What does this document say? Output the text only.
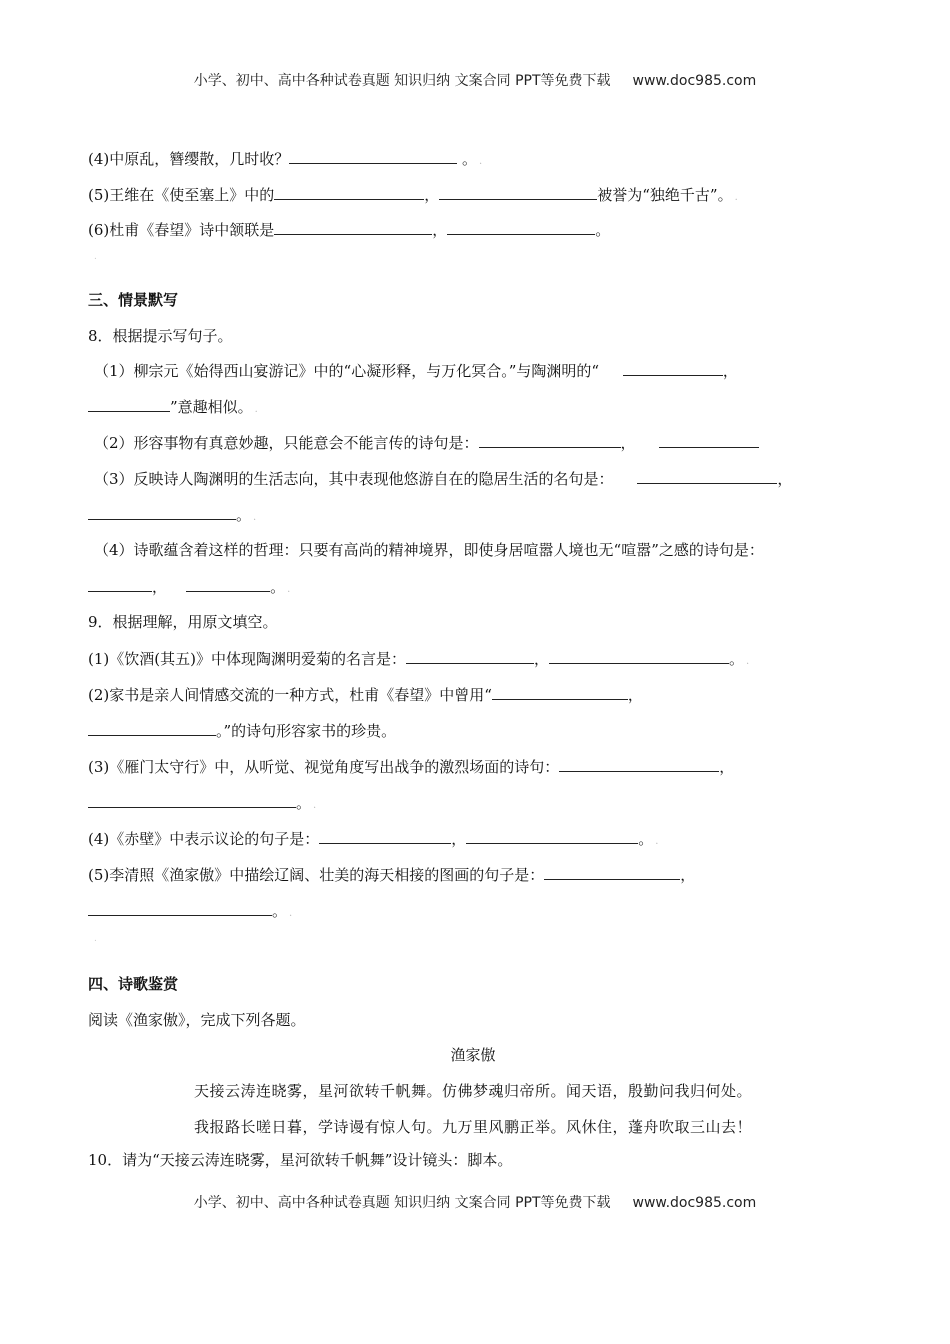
小学、初中、高中各种试卷真题 知识归纳 文案合同 PPT等免费下载 www.doc985.com
(4)中原乱，簪缨散，几时收？	。 .
(5)王维在《使至塞上》中的	，	被誉为“独绝千古”。 .
(6)杜甫《春望》诗中颔联是	，	。
.
三、情景默写
8．根据提示写句子。
（1）柳宗元《始得西山宴游记》中的“心凝形释，与万化冥合。”与陶渊明的“	，
”意趣相似。 .
（2）形容事物有真意妙趣，只能意会不能言传的诗句是：	，
（3）反映诗人陶渊明的生活志向，其中表现他悠游自在的隐居生活的名句是：	，
。 .
（4）诗歌蕴含着这样的哲理：只要有高尚的精神境界，即使身居喧嚣人境也无“喧嚣”之感的诗句是：
，	。 .
9．根据理解，用原文填空。
(1)《饮酒(其五)》中体现陶渊明爱菊的名言是：	，	。 .
(2)家书是亲人间情感交流的一种方式，杜甫《春望》中曾用“	，
。”的诗句形容家书的珍贵。
(3)《雁门太守行》中，从听觉、视觉角度写出战争的激烈场面的诗句：	，
。 .
(4)《赤壁》中表示议论的句子是：	，	。 .
(5)李清照《渔家傲》中描绘辽阔、壮美的海天相接的图画的句子是：	，
。 .
.
四、诗歌鉴赏
阅读《渔家傲》，完成下列各题。
渔家傲
天接云涛连晓雾，星河欲转千帆舞。仿佛梦魂归帝所。闻天语，殷勤问我归何处。
我报路长嗟日暮，学诗谩有惊人句。九万里风鹏正举。风休住，蓬舟吹取三山去！
10．请为“天接云涛连晓雾，星河欲转千帆舞”设计镜头：脚本。
小学、初中、高中各种试卷真题 知识归纳 文案合同 PPT等免费下载 www.doc985.com
